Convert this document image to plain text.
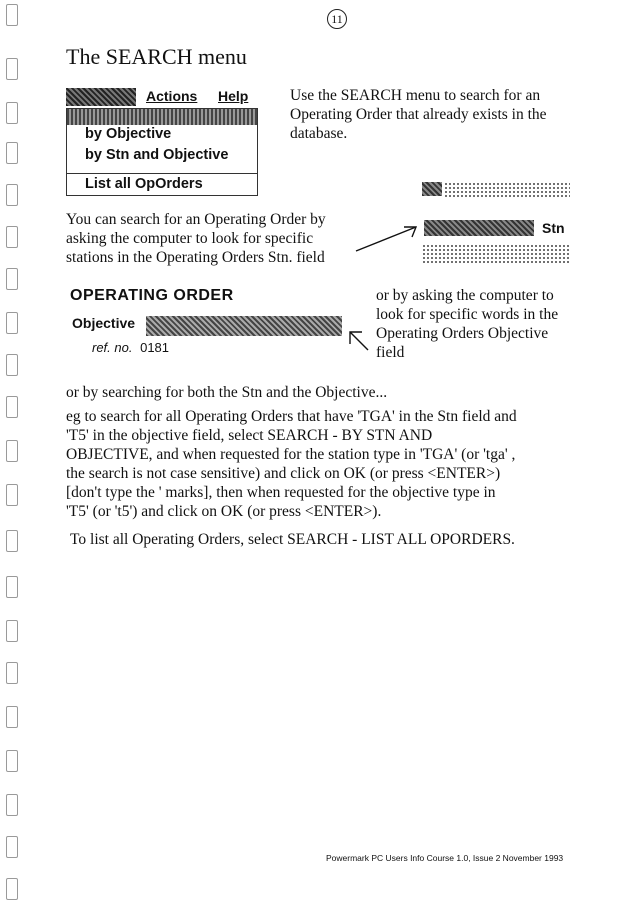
11
The SEARCH menu
Actions Help
by Objective
by Stn and Objective
List all OpOrders
Use the SEARCH menu to search for an
Operating Order that already exists in the
database.
Stn
You can search for an Operating Order by
asking the computer to look for specific
stations in the Operating Orders Stn. field
OPERATING ORDER
Objective
ref. no. 0181
or by asking the computer to
look for specific words in the
Operating Orders Objective
field
or by searching for both the Stn and the Objective...
eg to search for all Operating Orders that have 'TGA' in the Stn field and
'T5' in the objective field, select SEARCH - BY STN AND
OBJECTIVE, and when requested for the station type in 'TGA' (or 'tga' ,
the search is not case sensitive) and click on OK (or press <ENTER>)
[don't type the ' marks], then when requested for the objective type in
'T5' (or 't5') and click on OK (or press <ENTER>).
To list all Operating Orders, select SEARCH - LIST ALL OPORDERS.
Powermark PC Users Info Course 1.0, Issue 2 November 1993
